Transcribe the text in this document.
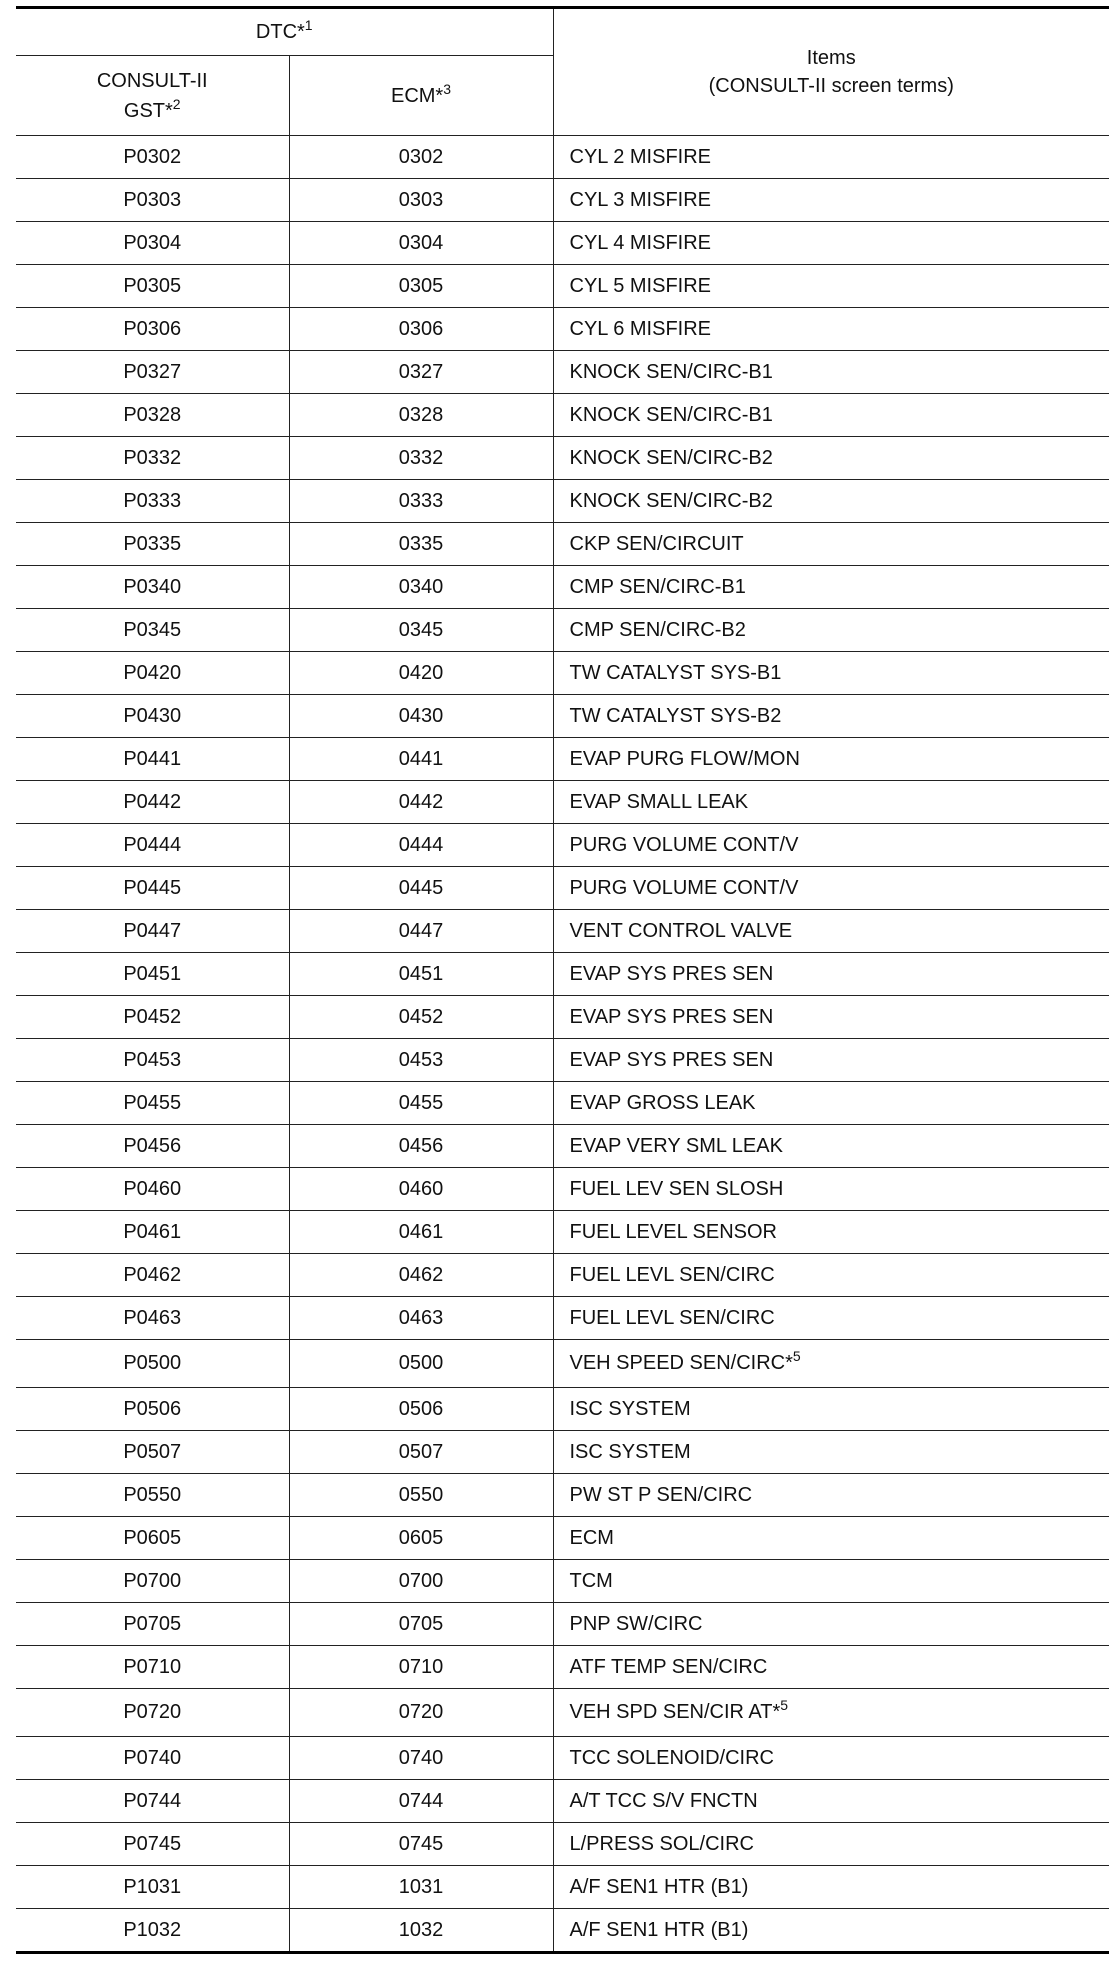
DTC*$^1$		Items
(CONSULT-II screen terms)

CONSULT-II
GST*$^2$	ECM*$^3$
P0302	0302	CYL 2 MISFIRE
P0303	0303	CYL 3 MISFIRE
P0304	0304	CYL 4 MISFIRE
P0305	0305	CYL 5 MISFIRE
P0306	0306	CYL 6 MISFIRE
P0327	0327	KNOCK SEN/CIRC-B1
P0328	0328	KNOCK SEN/CIRC-B1
P0332	0332	KNOCK SEN/CIRC-B2
P0333	0333	KNOCK SEN/CIRC-B2
P0335	0335	CKP SEN/CIRCUIT
P0340	0340	CMP SEN/CIRC-B1
P0345	0345	CMP SEN/CIRC-B2
P0420	0420	TW CATALYST SYS-B1
P0430	0430	TW CATALYST SYS-B2
P0441	0441	EVAP PURG FLOW/MON
P0442	0442	EVAP SMALL LEAK
P0444	0444	PURG VOLUME CONT/V
P0445	0445	PURG VOLUME CONT/V
P0447	0447	VENT CONTROL VALVE
P0451	0451	EVAP SYS PRES SEN
P0452	0452	EVAP SYS PRES SEN
P0453	0453	EVAP SYS PRES SEN
P0455	0455	EVAP GROSS LEAK
P0456	0456	EVAP VERY SML LEAK
P0460	0460	FUEL LEV SEN SLOSH
P0461	0461	FUEL LEVEL SENSOR
P0462	0462	FUEL LEVL SEN/CIRC
P0463	0463	FUEL LEVL SEN/CIRC
P0500	0500	VEH SPEED SEN/CIRC*$^5$
P0506	0506	ISC SYSTEM
P0507	0507	ISC SYSTEM
P0550	0550	PW ST P SEN/CIRC
P0605	0605	ECM
P0700	0700	TCM
P0705	0705	PNP SW/CIRC
P0710	0710	ATF TEMP SEN/CIRC
P0720	0720	VEH SPD SEN/CIR AT*$^5$
P0740	0740	TCC SOLENOID/CIRC
P0744	0744	A/T TCC S/V FNCTN
P0745	0745	L/PRESS SOL/CIRC
P1031	1031	A/F SEN1 HTR (B1)
P1032	1032	A/F SEN1 HTR (B1)
